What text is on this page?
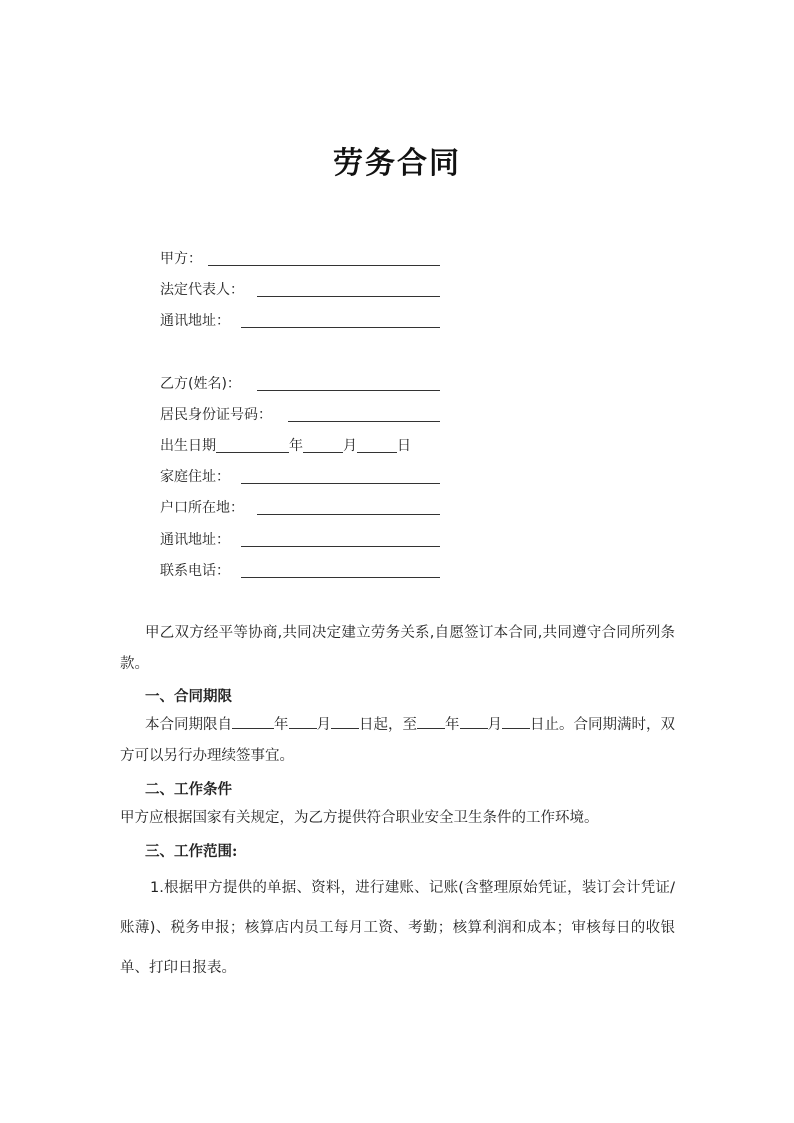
劳务合同
甲方：
法定代表人：
通讯地址：
乙方(姓名)：
居民身份证号码：
出生日期	年	月	日
家庭住址：
户口所在地：
通讯地址：
联系电话：
甲乙双方经平等协商,共同决定建立劳务关系,自愿签订本合同,共同遵守合同所列条款。
一、合同期限
本合同期限自	年 月 日起，至 年 月 日止。合同期满时，双方可以另行办理续签事宜。
二、工作条件
甲方应根据国家有关规定，为乙方提供符合职业安全卫生条件的工作环境。
三、工作范围:
1.根据甲方提供的单据、资料，进行建账、记账(含整理原始凭证，装订会计凭证/账薄)、税务申报；核算店内员工每月工资、考勤；核算利润和成本；审核每日的收银单、打印日报表。
